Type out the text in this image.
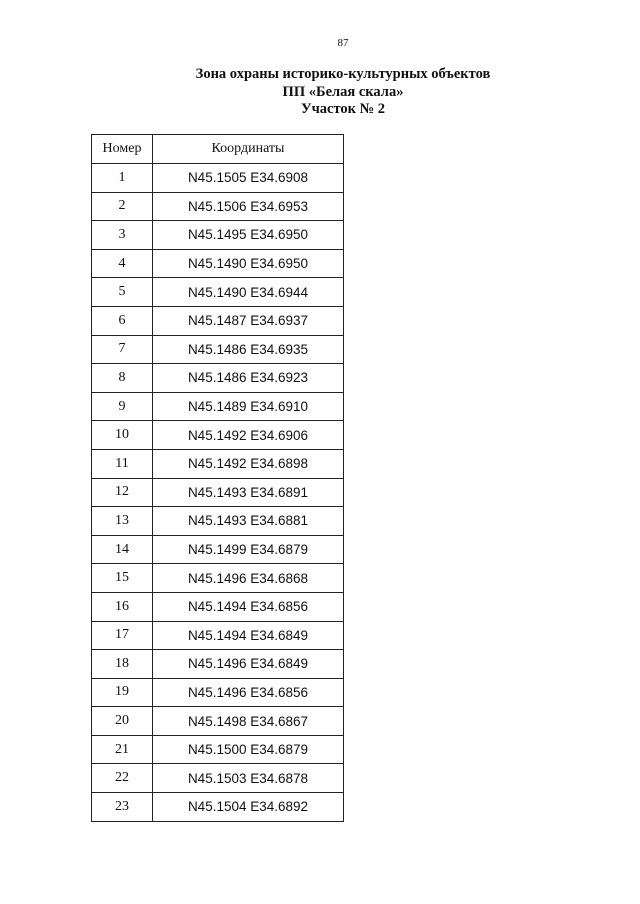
87
Зона охраны историко-культурных объектов
ПП «Белая скала»
Участок № 2
Номер	Координаты
1	N45.1505 E34.6908
2	N45.1506 E34.6953
3	N45.1495 E34.6950
4	N45.1490 E34.6950
5	N45.1490 E34.6944
6	N45.1487 E34.6937
7	N45.1486 E34.6935
8	N45.1486 E34.6923
9	N45.1489 E34.6910
10	N45.1492 E34.6906
11	N45.1492 E34.6898
12	N45.1493 E34.6891
13	N45.1493 E34.6881
14	N45.1499 E34.6879
15	N45.1496 E34.6868
16	N45.1494 E34.6856
17	N45.1494 E34.6849
18	N45.1496 E34.6849
19	N45.1496 E34.6856
20	N45.1498 E34.6867
21	N45.1500 E34.6879
22	N45.1503 E34.6878
23	N45.1504 E34.6892
